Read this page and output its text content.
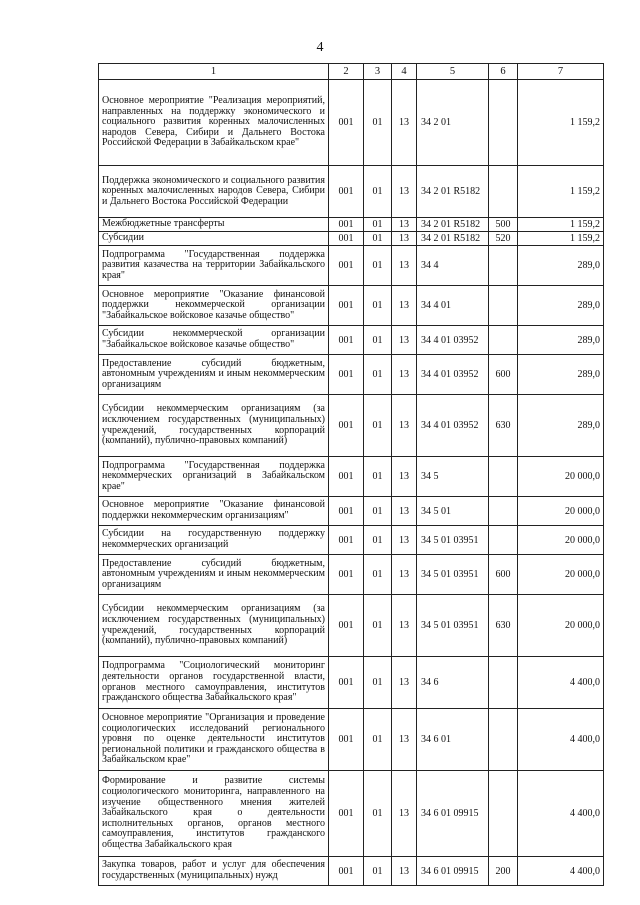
4
1	2	3	4	5	6	7
Основное мероприятие "Реализация мероприятий, направленных на поддержку экономического и социального развития коренных малочисленных народов Севера, Сибири и Дальнего Востока Российской Федерации в Забайкальском крае"	001	01	13	34 2 01		1 159,2
Поддержка экономического и социального развития коренных малочисленных народов Севера, Сибири и Дальнего Востока Российской Федерации	001	01	13	34 2 01 R5182		1 159,2
Межбюджетные трансферты	001	01	13	34 2 01 R5182	500	1 159,2
Субсидии	001	01	13	34 2 01 R5182	520	1 159,2
Подпрограмма "Государственная поддержка развития казачества на территории Забайкальского края"	001	01	13	34 4		289,0
Основное мероприятие "Оказание финансовой поддержки некоммерческой организации "Забайкальское войсковое казачье общество"	001	01	13	34 4 01		289,0
Субсидии некоммерческой организации "Забайкальское войсковое казачье общество"	001	01	13	34 4 01 03952		289,0
Предоставление субсидий бюджетным, автономным учреждениям и иным некоммерческим организациям	001	01	13	34 4 01 03952	600	289,0
Субсидии некоммерческим организациям (за исключением государственных (муниципальных) учреждений, государственных корпораций (компаний), публично-правовых компаний)	001	01	13	34 4 01 03952	630	289,0
Подпрограмма "Государственная поддержка некоммерческих организаций в Забайкальском крае"	001	01	13	34 5		20 000,0
Основное мероприятие "Оказание финансовой поддержки некоммерческим организациям"	001	01	13	34 5 01		20 000,0
Субсидии на государственную поддержку некоммерческих организаций	001	01	13	34 5 01 03951		20 000,0
Предоставление субсидий бюджетным, автономным учреждениям и иным некоммерческим организациям	001	01	13	34 5 01 03951	600	20 000,0
Субсидии некоммерческим организациям (за исключением государственных (муниципальных) учреждений, государственных корпораций (компаний), публично-правовых компаний)	001	01	13	34 5 01 03951	630	20 000,0
Подпрограмма "Социологический мониторинг деятельности органов государственной власти, органов местного самоуправления, институтов гражданского общества Забайкальского края"	001	01	13	34 6		4 400,0
Основное мероприятие "Организация и проведение социологических исследований регионального уровня по оценке деятельности институтов региональной политики и гражданского общества в Забайкальском крае"	001	01	13	34 6 01		4 400,0
Формирование и развитие системы социологического мониторинга, направленного на изучение общественного мнения жителей Забайкальского края о деятельности исполнительных органов, органов местного самоуправления, институтов гражданского общества Забайкальского края	001	01	13	34 6 01 09915		4 400,0
Закупка товаров, работ и услуг для обеспечения государственных (муниципальных) нужд	001	01	13	34 6 01 09915	200	4 400,0
